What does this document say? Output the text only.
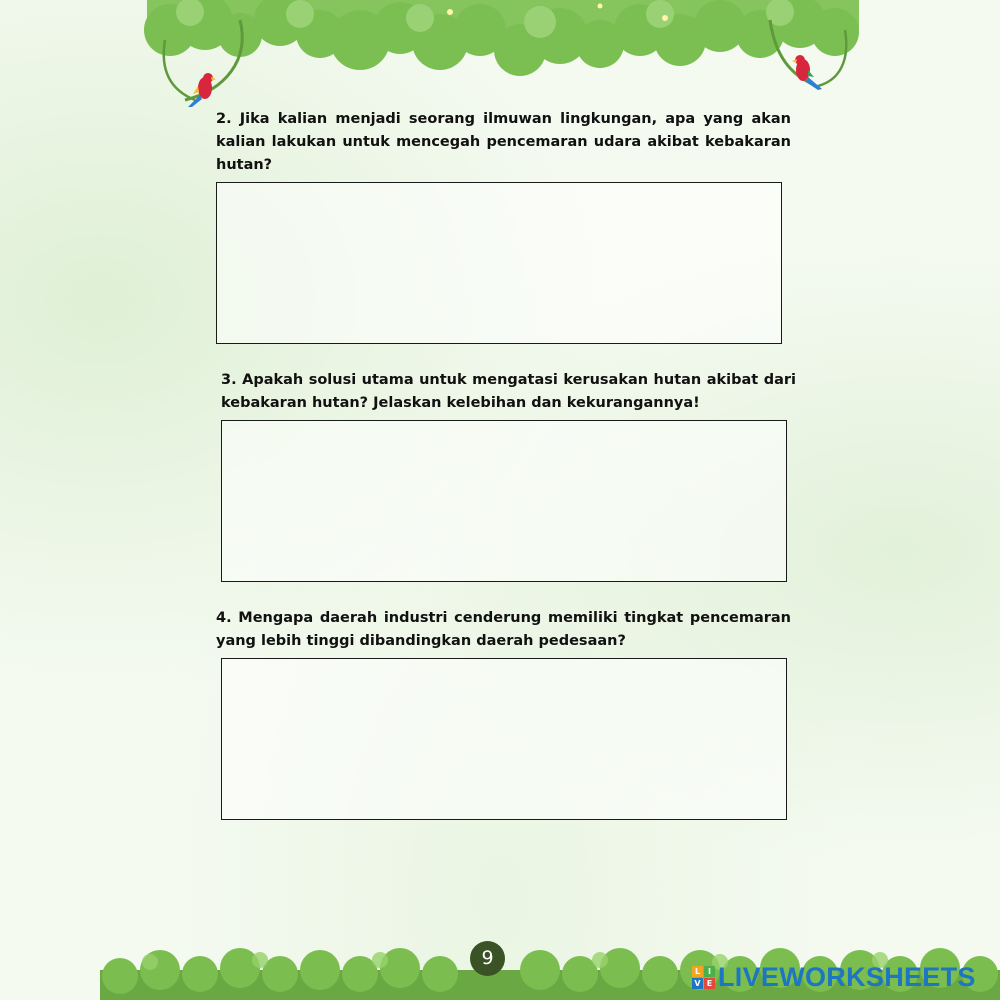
2. Jika kalian menjadi seorang ilmuwan lingkungan, apa yang akan kalian lakukan untuk mencegah pencemaran udara akibat kebakaran hutan?

3. Apakah solusi utama untuk mengatasi kerusakan hutan akibat dari kebakaran hutan? Jelaskan kelebihan dan kekurangannya!

4. Mengapa daerah industri cenderung memiliki tingkat pencemaran yang lebih tinggi dibandingkan daerah pedesaan?

9
L I
V E LIVEWORKSHEETS
